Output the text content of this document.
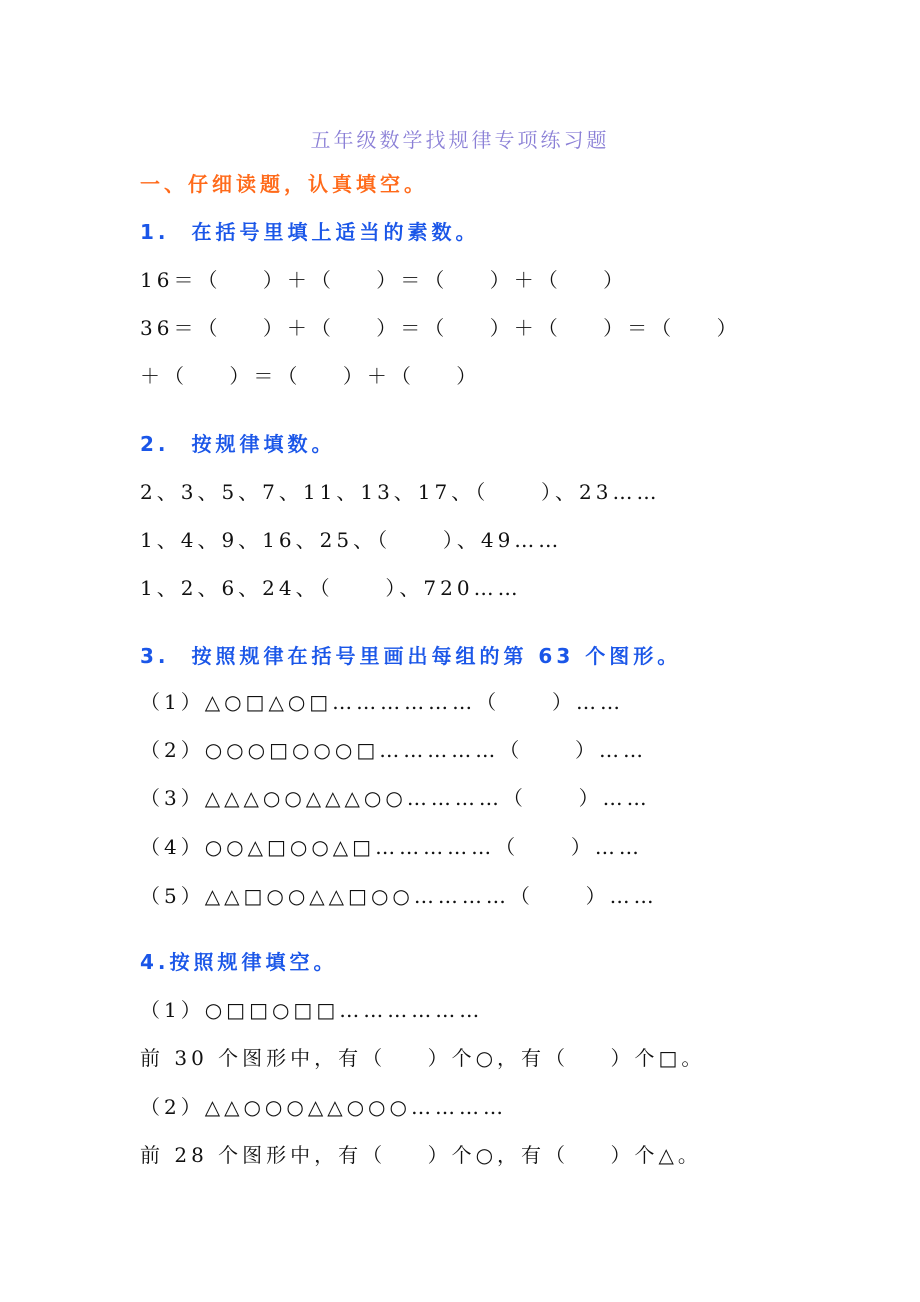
五年级数学找规律专项练习题
一、仔细读题，认真填空。
1.  在括号里填上适当的素数。
16＝（    ）＋（    ）＝（    ）＋（    ）
36＝（    ）＋（    ）＝（    ）＋（    ）＝（    ）
＋（    ）＝（    ）＋（    ）
2.  按规律填数。
2、3、5、7、11、13、17、（     ）、23……
1、4、9、16、25、（     ）、49……
1、2、6、24、（     ）、720……
3.  按照规律在括号里画出每组的第 63 个图形。
（1）△○□△○□………………（     ）……
（2）○○○□○○○□……………（     ）……
（3）△△△○○△△△○○…………（     ）……
（4）○○△□○○△□……………（     ）……
（5）△△□○○△△□○○…………（     ）……
4.按照规律填空。
（1）○□□○□□………………
前 30 个图形中，有（    ）个○，有（    ）个□。
（2）△△○○○△△○○○…………
前 28 个图形中，有（    ）个○，有（    ）个△。
